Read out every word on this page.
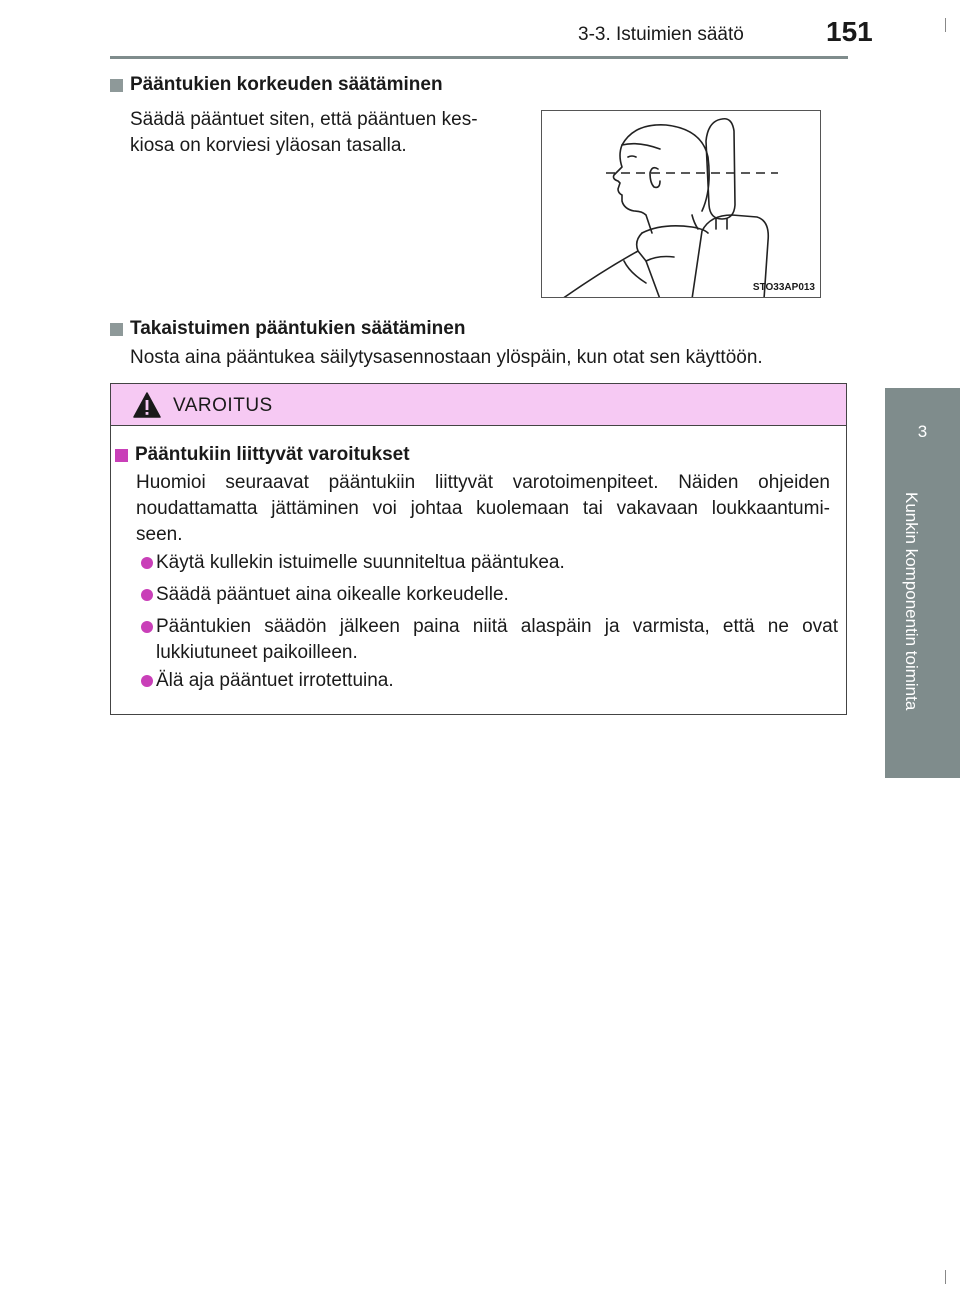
3-3. Istuimien säätö	151
3
Kunkin komponentin toiminta
Pääntukien korkeuden säätäminen
Säädä pääntuet siten, että pääntuen kes-
kiosa on korviesi yläosan tasalla.
STO33AP013
Takaistuimen pääntukien säätäminen
Nosta aina pääntukea säilytysasennostaan ylöspäin, kun otat sen käyttöön.
VAROITUS
Pääntukiin liittyvät varoitukset
Huomioi seuraavat pääntukiin liittyvät varotoimenpiteet. Näiden ohjeiden
noudattamatta jättäminen voi johtaa kuolemaan tai vakavaan loukkaantumi-
seen.
Käytä kullekin istuimelle suunniteltua pääntukea.
Säädä pääntuet aina oikealle korkeudelle.
Pääntukien säädön jälkeen paina niitä alaspäin ja varmista, että ne ovat
lukkiutuneet paikoilleen.
Älä aja pääntuet irrotettuina.
